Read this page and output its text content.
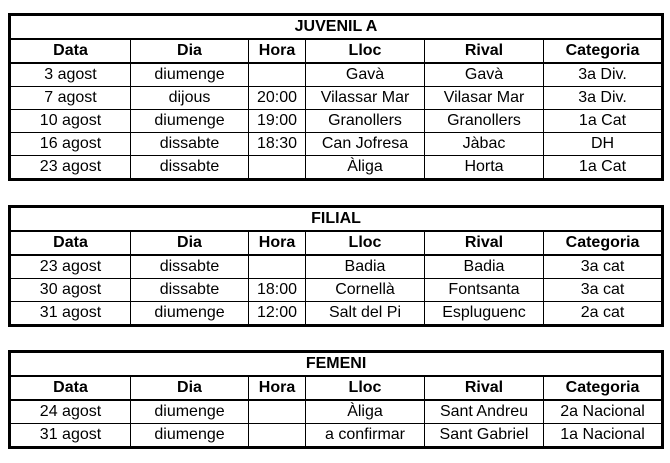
JUVENIL A					
Data	Dia	Hora	Lloc	Rival	Categoria
3 agost	diumenge		Gavà	Gavà	3a Div.
7 agost	dijous	20:00	Vilassar Mar	Vilasar Mar	3a Div.
10 agost	diumenge	19:00	Granollers	Granollers	1a Cat
16 agost	dissabte	18:30	Can Jofresa	Jàbac	DH
23 agost	dissabte		Àliga	Horta	1a Cat
FILIAL					
Data	Dia	Hora	Lloc	Rival	Categoria
23 agost	dissabte		Badia	Badia	3a cat
30 agost	dissabte	18:00	Cornellà	Fontsanta	3a cat
31 agost	diumenge	12:00	Salt del Pi	Espluguenc	2a cat
FEMENI					
Data	Dia	Hora	Lloc	Rival	Categoria
24 agost	diumenge		Àliga	Sant Andreu	2a Nacional
31 agost	diumenge		a confirmar	Sant Gabriel	1a Nacional
